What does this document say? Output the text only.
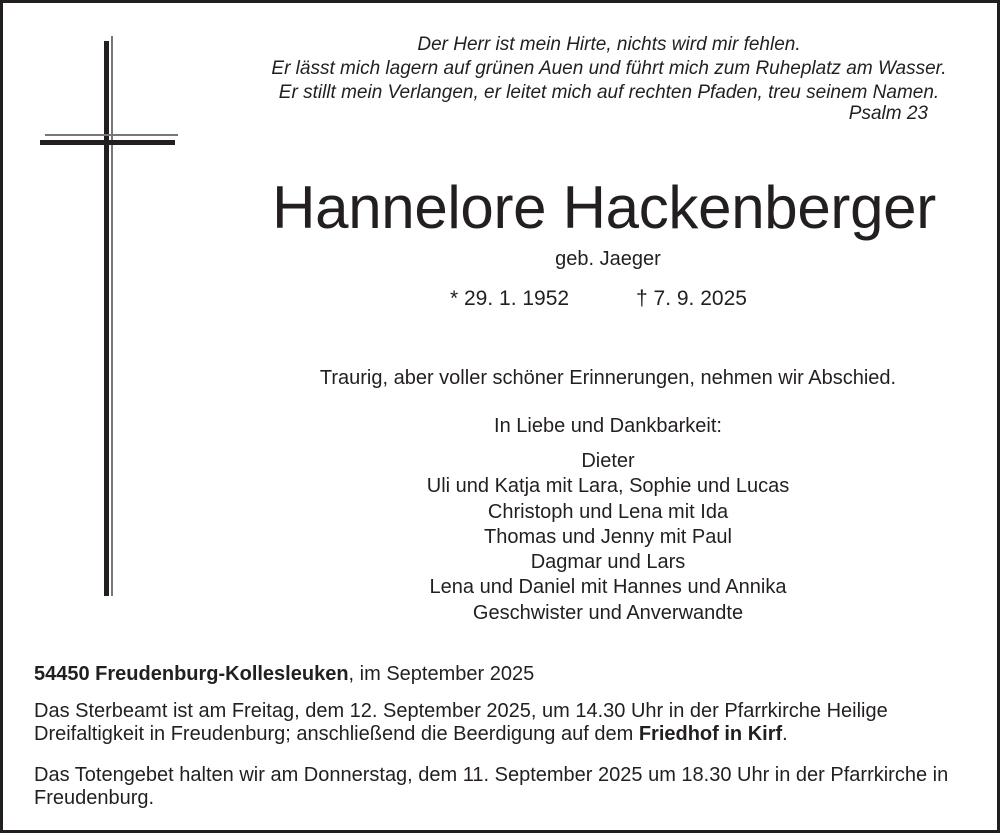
Der Herr ist mein Hirte, nichts wird mir fehlen.
Er lässt mich lagern auf grünen Auen und führt mich zum Ruheplatz am Wasser.
Er stillt mein Verlangen, er leitet mich auf rechten Pfaden, treu seinem Namen.
Psalm 23
Hannelore Hackenberger
geb. Jaeger
* 29. 1. 1952	† 7. 9. 2025
Traurig, aber voller schöner Erinnerungen, nehmen wir Abschied.
In Liebe und Dankbarkeit:
Dieter
Uli und Katja mit Lara, Sophie und Lucas
Christoph und Lena mit Ida
Thomas und Jenny mit Paul
Dagmar und Lars
Lena und Daniel mit Hannes und Annika
Geschwister und Anverwandte
54450 Freudenburg-Kollesleuken, im September 2025
Das Sterbeamt ist am Freitag, dem 12. September 2025, um 14.30 Uhr in der Pfarrkirche Heilige Dreifaltigkeit in Freudenburg; anschließend die Beerdigung auf dem Friedhof in Kirf.
Das Totengebet halten wir am Donnerstag, dem 11. September 2025 um 18.30 Uhr in der Pfarrkirche in Freudenburg.
